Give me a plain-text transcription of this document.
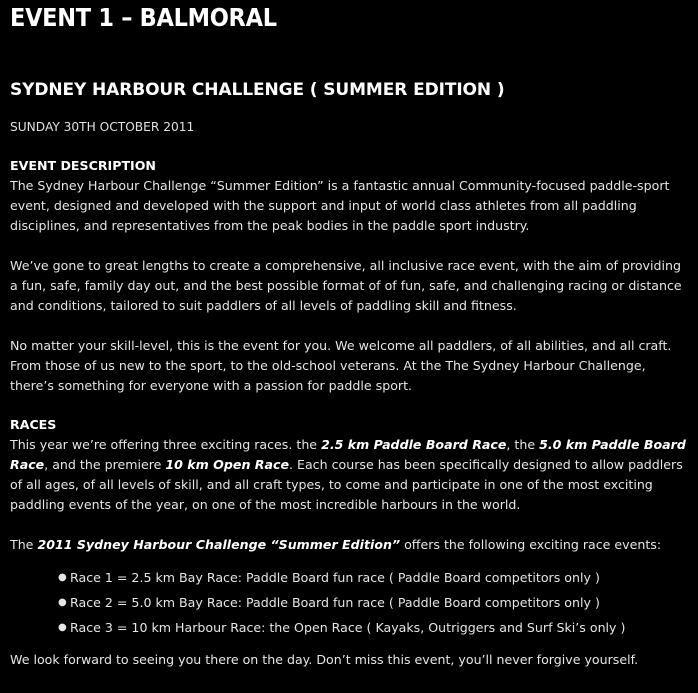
EVENT 1 – BALMORAL
SYDNEY HARBOUR CHALLENGE ( SUMMER EDITION )
SUNDAY 30TH OCTOBER 2011
EVENT DESCRIPTION

The Sydney Harbour Challenge “Summer Edition” is a fantastic annual Community-focused paddle-sport event, designed and developed with the support and input of world class athletes from all paddling disciplines, and representatives from the peak bodies in the paddle sport industry.

We’ve gone to great lengths to create a comprehensive, all inclusive race event, with the aim of providing a fun, safe, family day out, and the best possible format of of fun, safe, and challenging racing or distance and conditions, tailored to suit paddlers of all levels of paddling skill and fitness.

No matter your skill-level, this is the event for you. We welcome all paddlers, of all abilities, and all craft. From those of us new to the sport, to the old-school veterans. At the The Sydney Harbour Challenge, there’s something for everyone with a passion for paddle sport.

RACES

This year we’re offering three exciting races. the 2.5 km Paddle Board Race, the 5.0 km Paddle Board Race, and the premiere 10 km Open Race. Each course has been specifically designed to allow paddlers of all ages, of all levels of skill, and all craft types, to come and participate in one of the most exciting paddling events of the year, on one of the most incredible harbours in the world.

The 2011 Sydney Harbour Challenge “Summer Edition” offers the following exciting race events:

● Race 1 = 2.5 km Bay Race: Paddle Board fun race ( Paddle Board competitors only )
● Race 2 = 5.0 km Bay Race: Paddle Board fun race ( Paddle Board competitors only )
● Race 3 = 10 km Harbour Race: the Open Race ( Kayaks, Outriggers and Surf Ski’s only )

We look forward to seeing you there on the day. Don’t miss this event, you’ll never forgive yourself.
